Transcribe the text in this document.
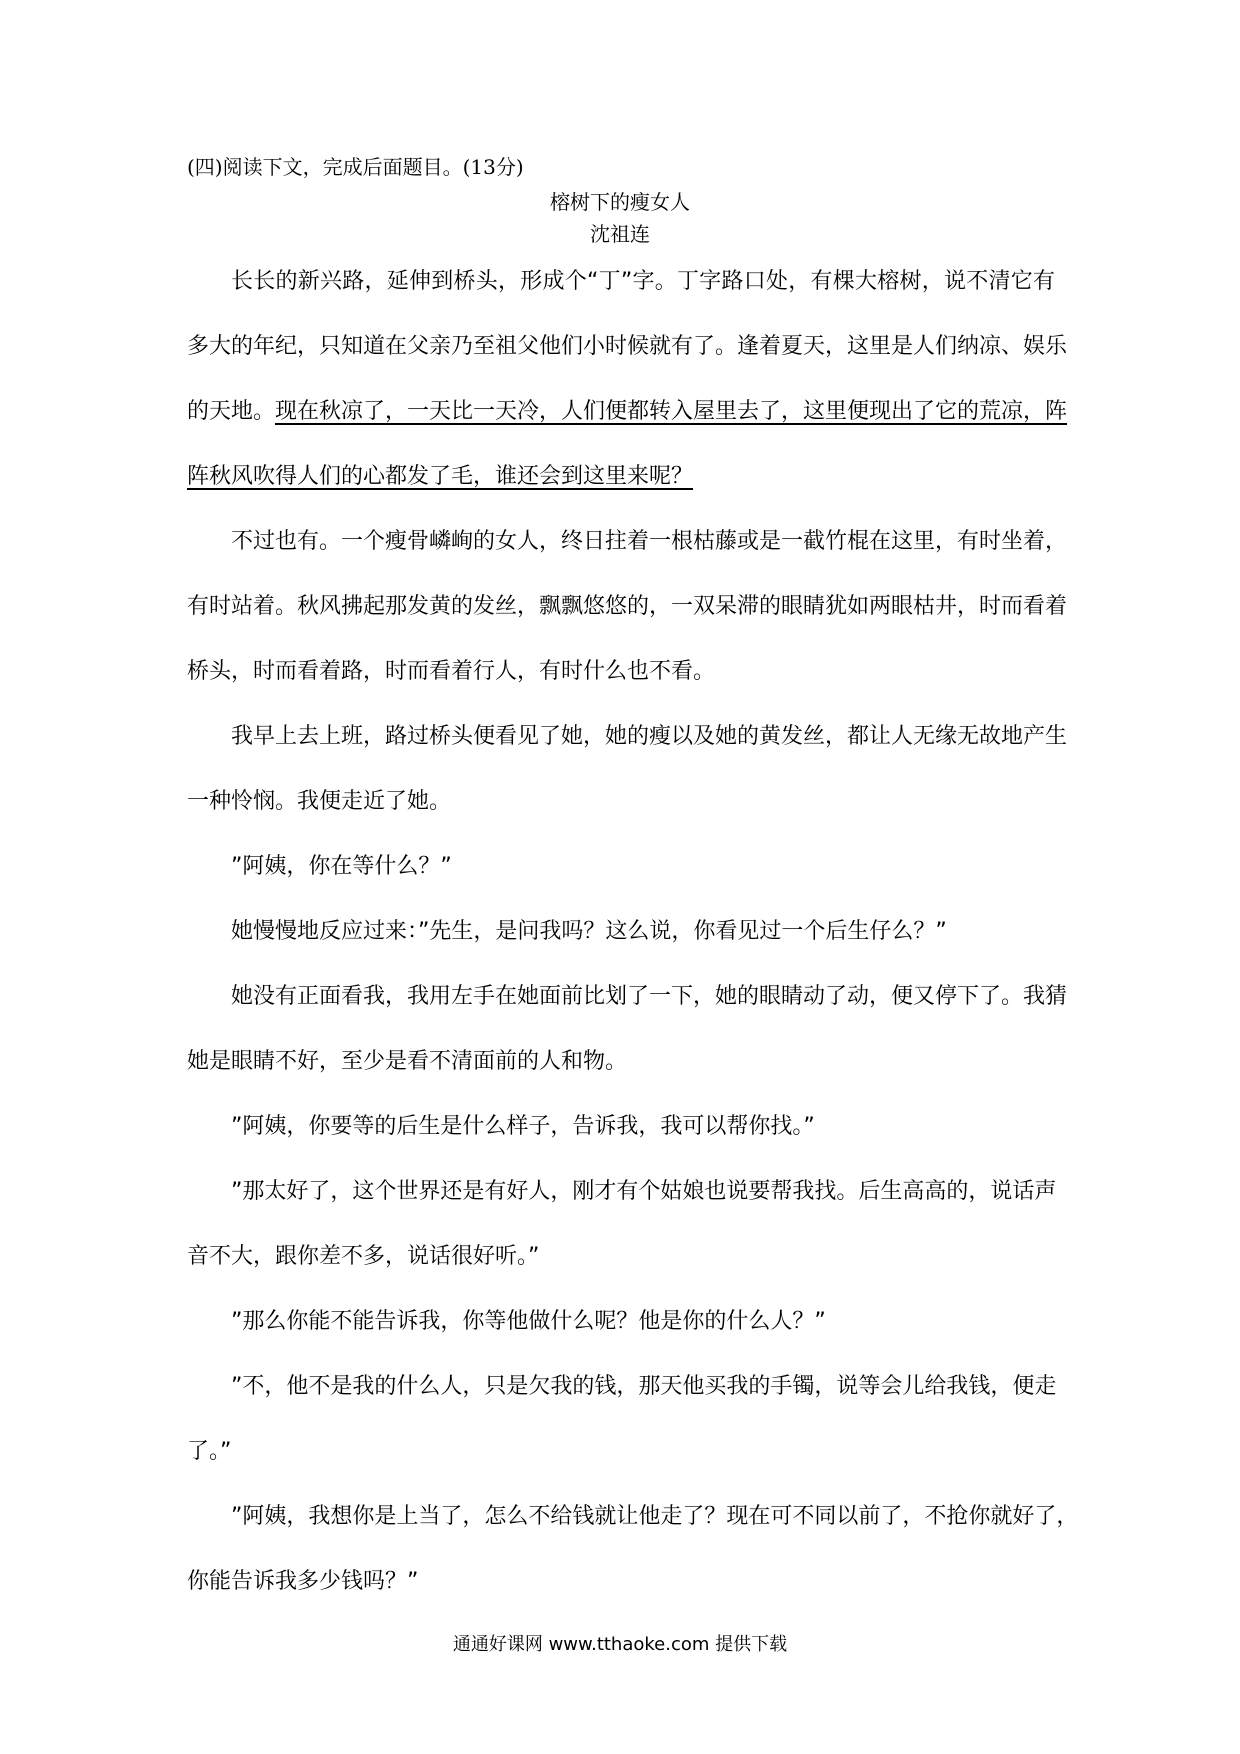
(四)阅读下文，完成后面题目。(13分)
榕树下的瘦女人
沈祖连
长长的新兴路，延伸到桥头，形成个“丁”字。丁字路口处，有棵大榕树，说不清它有
多大的年纪，只知道在父亲乃至祖父他们小时候就有了。逢着夏天，这里是人们纳凉、娱乐
的天地。现在秋凉了，一天比一天冷，人们便都转入屋里去了，这里便现出了它的荒凉，阵
阵秋风吹得人们的心都发了毛，谁还会到这里来呢？
不过也有。一个瘦骨嶙峋的女人，终日拄着一根枯藤或是一截竹棍在这里，有时坐着，
有时站着。秋风拂起那发黄的发丝，飘飘悠悠的，一双呆滞的眼睛犹如两眼枯井，时而看着
桥头，时而看着路，时而看着行人，有时什么也不看。
我早上去上班，路过桥头便看见了她，她的瘦以及她的黄发丝，都让人无缘无故地产生
一种怜悯。我便走近了她。
”阿姨，你在等什么？”
她慢慢地反应过来：”先生，是问我吗？这么说，你看见过一个后生仔么？”
她没有正面看我，我用左手在她面前比划了一下，她的眼睛动了动，便又停下了。我猜
她是眼睛不好，至少是看不清面前的人和物。
”阿姨，你要等的后生是什么样子，告诉我，我可以帮你找。”
”那太好了，这个世界还是有好人，刚才有个姑娘也说要帮我找。后生高高的，说话声
音不大，跟你差不多，说话很好听。”
”那么你能不能告诉我，你等他做什么呢？他是你的什么人？”
”不，他不是我的什么人，只是欠我的钱，那天他买我的手镯，说等会儿给我钱，便走
了。”
”阿姨，我想你是上当了，怎么不给钱就让他走了？现在可不同以前了，不抢你就好了，
你能告诉我多少钱吗？”
通通好课网 www.tthaoke.com 提供下载
